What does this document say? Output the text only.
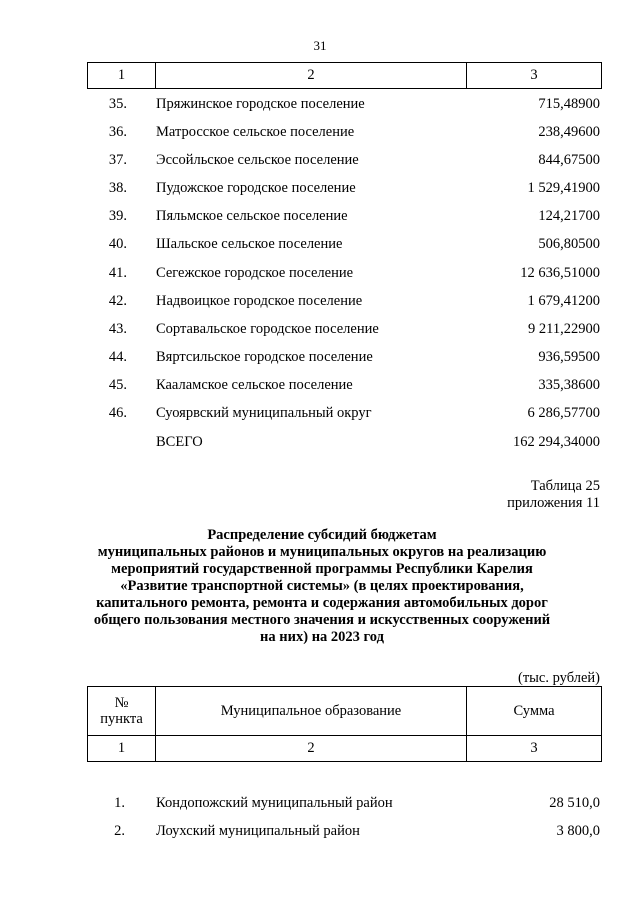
31
1	2	3
35. Пряжинское городское поселение	715,48900
36. Матросское сельское поселение	238,49600
37. Эссойльское сельское поселение	844,67500
38. Пудожское городское поселение	1 529,41900
39. Пяльмское сельское поселение	124,21700
40. Шальское сельское поселение	506,80500
41. Сегежское городское поселение	12 636,51000
42. Надвоицкое городское поселение	1 679,41200
43. Сортавальское городское поселение	9 211,22900
44. Вяртсильское городское поселение	936,59500
45. Кааламское сельское поселение	335,38600
46. Суоярвский муниципальный округ	6 286,57700
ВСЕГО	162 294,34000
Таблица 25
приложения 11
Распределение субсидий бюджетам
муниципальных районов и муниципальных округов на реализацию
мероприятий государственной программы Республики Карелия
«Развитие транспортной системы» (в целях проектирования,
капитального ремонта, ремонта и содержания автомобильных дорог
общего пользования местного значения и искусственных сооружений
на них) на 2023 год
(тыс. рублей)
№
пункта	Муниципальное образование	Сумма
1	2	3
1. Кондопожский муниципальный район	28 510,0
2. Лоухский муниципальный район	3 800,0
